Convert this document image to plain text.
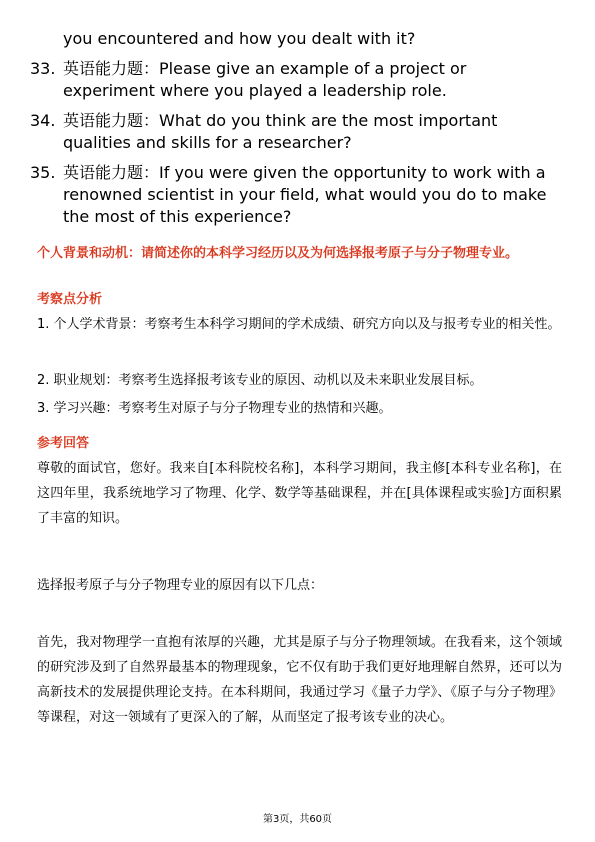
you encountered and how you dealt with it?
33. 英语能力题：Please give an example of a project or experiment where you played a leadership role.
34. 英语能力题：What do you think are the most important qualities and skills for a researcher?
35. 英语能力题：If you were given the opportunity to work with a renowned scientist in your field, what would you do to make the most of this experience?
个人背景和动机：请简述你的本科学习经历以及为何选择报考原子与分子物理专业。
考察点分析
1. 个人学术背景：考察考生本科学习期间的学术成绩、研究方向以及与报考专业的相关性。
2. 职业规划：考察考生选择报考该专业的原因、动机以及未来职业发展目标。
3. 学习兴趣：考察考生对原子与分子物理专业的热情和兴趣。
参考回答
尊敬的面试官，您好。我来自[本科院校名称]，本科学习期间，我主修[本科专业名称]，在这四年里，我系统地学习了物理、化学、数学等基础课程，并在[具体课程或实验]方面积累了丰富的知识。
选择报考原子与分子物理专业的原因有以下几点：
首先，我对物理学一直抱有浓厚的兴趣，尤其是原子与分子物理领域。在我看来，这个领域的研究涉及到了自然界最基本的物理现象，它不仅有助于我们更好地理解自然界，还可以为高新技术的发展提供理论支持。在本科期间，我通过学习《量子力学》、《原子与分子物理》等课程，对这一领域有了更深入的了解，从而坚定了报考该专业的决心。
第3页，共60页
